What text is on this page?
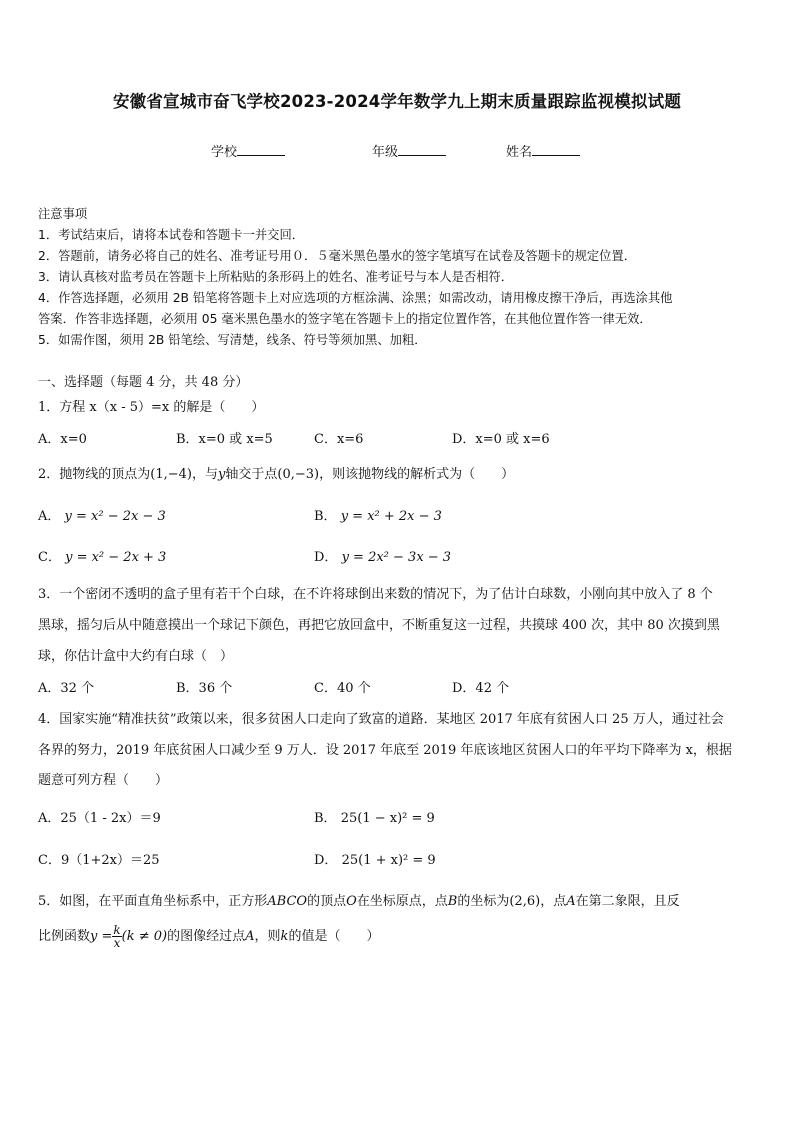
安徽省宣城市奋飞学校2023-2024学年数学九上期末质量跟踪监视模拟试题
学校	年级	姓名
注意事项
1．考试结束后，请将本试卷和答题卡一并交回．
2．答题前，请务必将自己的姓名、准考证号用０．５毫米黑色墨水的签字笔填写在试卷及答题卡的规定位置．
3．请认真核对监考员在答题卡上所粘贴的条形码上的姓名、准考证号与本人是否相符．
4．作答选择题，必须用 2B 铅笔将答题卡上对应选项的方框涂满、涂黑；如需改动，请用橡皮擦干净后，再选涂其他
答案．作答非选择题，必须用 05 毫米黑色墨水的签字笔在答题卡上的指定位置作答，在其他位置作答一律无效．
5．如需作图，须用 2B 铅笔绘、写清楚，线条、符号等须加黑、加粗．
一、选择题（每题 4 分，共 48 分）
1．方程 x（x - 5）=x 的解是（　　）
A．x=0	B．x=0 或 x=5	C．x=6	D．x=0 或 x=6
2．抛物线的顶点为(1,−4)，与y轴交于点(0,−3)，则该抛物线的解析式为（　　）
A． y = x² − 2x − 3	B． y = x² + 2x − 3
C． y = x² − 2x + 3	D． y = 2x² − 3x − 3
3．一个密闭不透明的盒子里有若干个白球，在不许将球倒出来数的情况下，为了估计白球数，小刚向其中放入了 8 个
黑球，摇匀后从中随意摸出一个球记下颜色，再把它放回盒中，不断重复这一过程，共摸球 400 次，其中 80 次摸到黑
球，你估计盒中大约有白球（　）
A．32 个	B．36 个	C．40 个	D．42 个
4．国家实施“精准扶贫”政策以来，很多贫困人口走向了致富的道路．某地区 2017 年底有贫困人口 25 万人，通过社会
各界的努力，2019 年底贫困人口减少至 9 万人．设 2017 年底至 2019 年底该地区贫困人口的年平均下降率为 x，根据
题意可列方程（　　）
A．25（1 - 2x）＝9	B． 25(1 − x)² = 9
C．9（1+2x）＝25	D． 25(1 + x)² = 9
5．如图，在平面直角坐标系中，正方形ABCO的顶点O在坐标原点，点B的坐标为(2,6)，点A在第二象限，且反
比例函数$y = \frac{k}{x} (k \ne 0)$的图像经过点A，则k的值是（　　）
